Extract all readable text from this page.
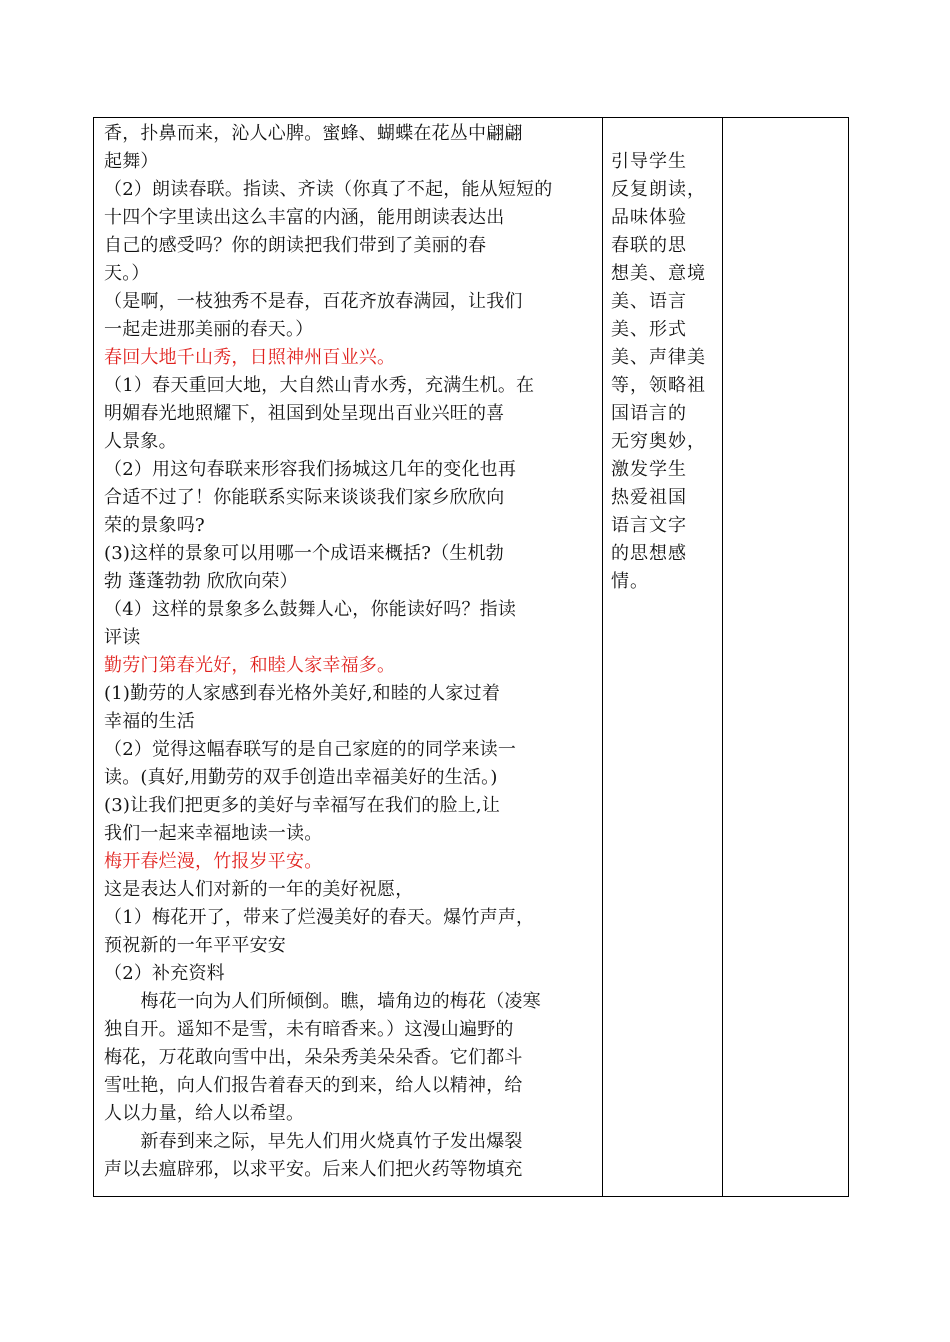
香，扑鼻而来，沁人心脾。蜜蜂、蝴蝶在花丛中翩翩
起舞）
（2）朗读春联。指读、齐读（你真了不起，能从短短的
十四个字里读出这么丰富的内涵，能用朗读表达出
自己的感受吗？你的朗读把我们带到了美丽的春
天。）
（是啊，一枝独秀不是春，百花齐放春满园，让我们
一起走进那美丽的春天。）
春回大地千山秀，日照神州百业兴。
（1）春天重回大地，大自然山青水秀，充满生机。在
明媚春光地照耀下，祖国到处呈现出百业兴旺的喜
人景象。
（2）用这句春联来形容我们扬城这几年的变化也再
合适不过了！你能联系实际来谈谈我们家乡欣欣向
荣的景象吗?
(3)这样的景象可以用哪一个成语来概括?（生机勃
勃 蓬蓬勃勃 欣欣向荣）
（4）这样的景象多么鼓舞人心，你能读好吗？指读
评读
勤劳门第春光好，和睦人家幸福多。
(1)勤劳的人家感到春光格外美好,和睦的人家过着
幸福的生活
（2）觉得这幅春联写的是自己家庭的的同学来读一
读。(真好,用勤劳的双手创造出幸福美好的生活。)
(3)让我们把更多的美好与幸福写在我们的脸上,让
我们一起来幸福地读一读。
梅开春烂漫，竹报岁平安。
这是表达人们对新的一年的美好祝愿，
（1）梅花开了，带来了烂漫美好的春天。爆竹声声，
预祝新的一年平平安安
（2）补充资料
　　梅花一向为人们所倾倒。瞧，墙角边的梅花（凌寒
独自开。遥知不是雪，未有暗香来。）这漫山遍野的
梅花，万花敢向雪中出，朵朵秀美朵朵香。它们都斗
雪吐艳，向人们报告着春天的到来，给人以精神，给
人以力量，给人以希望。
　　新春到来之际，早先人们用火烧真竹子发出爆裂
声以去瘟辟邪，以求平安。后来人们把火药等物填充
引导学生
反复朗读，
品味体验
春联的思
想美、意境
美、语言
美、形式
美、声律美
等，领略祖
国语言的
无穷奥妙，
激发学生
热爱祖国
语言文字
的思想感
情。
